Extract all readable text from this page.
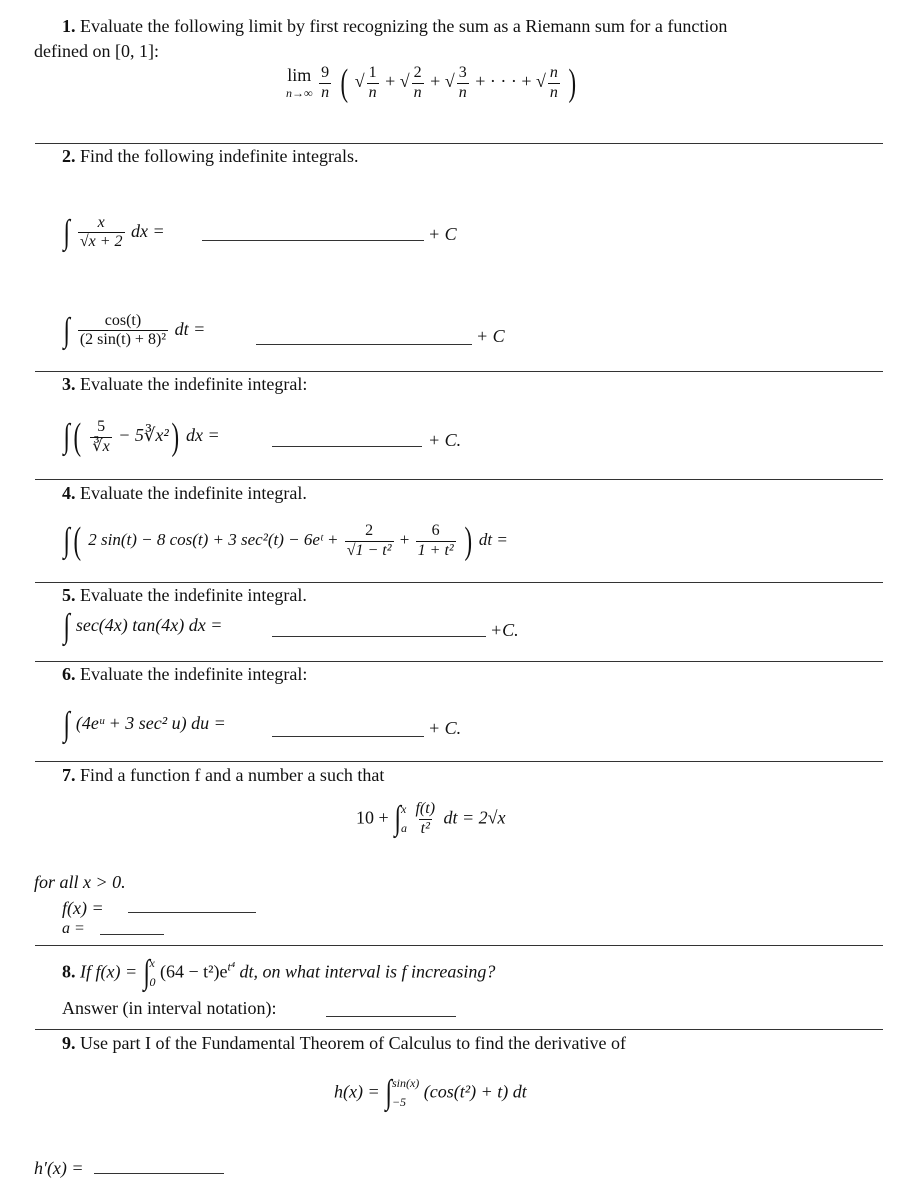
1. Evaluate the following limit by first recognizing the sum as a Riemann sum for a function
defined on [0, 1]:
lim
n→∞
$\frac{9}{n}$ ( √ $\frac{1}{n}$ + √ $\frac{2}{n}$ + √ $\frac{3}{n}$ + · · · + √ $\frac{n}{n}$ )
2. Find the following indefinite integrals.
∫ $\frac{x}{√x + 2}$ dx =	+ C
∫ $\frac{\cos(t)}{\text{(2 sin(t) + 8)²}}$ dt =	+ C
3. Evaluate the indefinite integral:
∫ ( $\frac{5}{∛x}$ − 5∛x²) dx =	+ C.
4. Evaluate the indefinite integral.
∫ ( 2 sin(t) − 8 cos(t) + 3 sec²(t) − 6eᵗ + $\frac{2}{\text{√1 − t²}} + \frac{6}{\text{1 + t²}}$ ) dt =
5. Evaluate the indefinite integral.
∫ sec(4x) tan(4x) dx =	+C.
6. Evaluate the indefinite integral:
∫ (4eᵘ + 3 sec² u) du =	+ C.
7. Find a function f and a number a such that
10 + ∫ x
a
$\frac{f(t)}{\text{t²}}$ dt = 2√x
for all x > 0.
f(x) =
a =
8. If f(x) = ∫ x
0
$(64 - t^2)e^{t^4}$ dt, on what interval is f increasing?
Answer (in interval notation):
9. Use part I of the Fundamental Theorem of Calculus to find the derivative of
h(x) = ∫ sin(x)
−5
(cos(t²) + t) dt
h′(x) =
